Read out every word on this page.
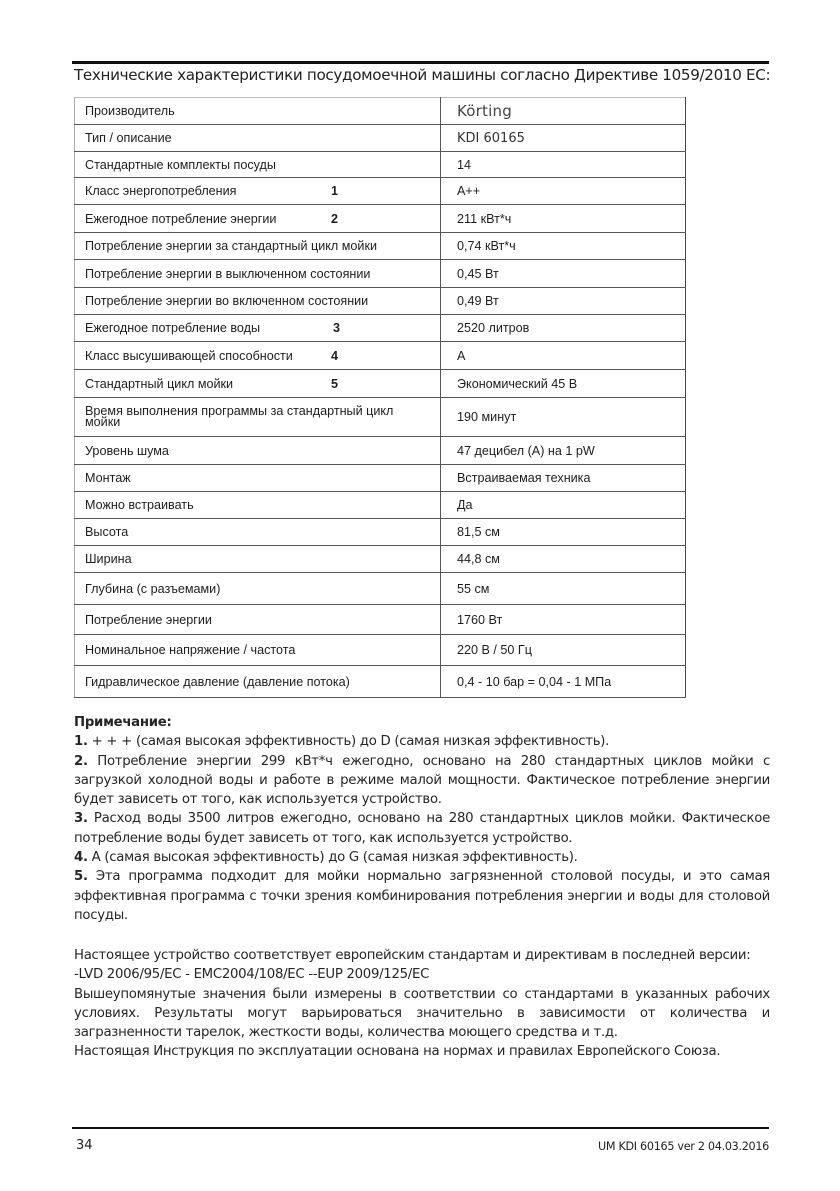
Технические характеристики посудомоечной машины согласно Директиве 1059/2010 EC:
Производитель	Körting
Тип / описание	KDI 60165
Стандартные комплекты посуды	14
Класс энергопотребления 1	A++
Ежегодное потребление энергии 2	211 кВт*ч
Потребление энергии за стандартный цикл мойки	0,74 кВт*ч
Потребление энергии в выключенном состоянии	0,45 Вт
Потребление энергии во включенном состоянии	0,49 Вт
Ежегодное потребление воды 3	2520 литров
Класс высушивающей способности 4	A
Стандартный цикл мойки 5	Экономический 45 В

Время выполнения программы за стандартный цикл мойки	190 минут
Уровень шума	47 децибел (A) на 1 pW
Монтаж	Встраиваемая техника
Можно встраивать	Да
Высота	81,5 см
Ширина	44,8 см
Глубина (с разъемами)	55 см
Потребление энергии	1760 Вт
Номинальное напряжение / частота	220 В / 50 Гц
Гидравлическое давление (давление потока)	0,4 - 10 бар = 0,04 - 1 МПа

Примечание:

1. + + + (самая высокая эффективность) до D (самая низкая эффективность).

2. Потребление энергии 299 кВт*ч ежегодно, основано на 280 стандартных циклов мойки с загрузкой холодной воды и работе в режиме малой мощности. Фактическое потребление энергии будет зависеть от того, как используется устройство.

3. Расход воды 3500 литров ежегодно, основано на 280 стандартных циклов мойки. Фактическое потребление воды будет зависеть от того, как используется устройство.

4. A (самая высокая эффективность) до G (самая низкая эффективность).

5. Эта программа подходит для мойки нормально загрязненной столовой посуды, и это самая эффективная программа с точки зрения комбинирования потребления энергии и воды для столовой посуды.

Настоящее устройство соответствует европейским стандартам и директивам в последней версии:

-LVD 2006/95/EC - EMC2004/108/EC --EUP 2009/125/EC

Вышеупомянутые значения были измерены в соответствии со стандартами в указанных рабочих условиях. Результаты могут варьироваться значительно в зависимости от количества и загразненности тарелок, жесткости воды, количества моющего средства и т.д.

Настоящая Инструкция по эксплуатации основана на нормах и правилах Европейского Союза.

34	UM KDI 60165 ver 2 04.03.2016
